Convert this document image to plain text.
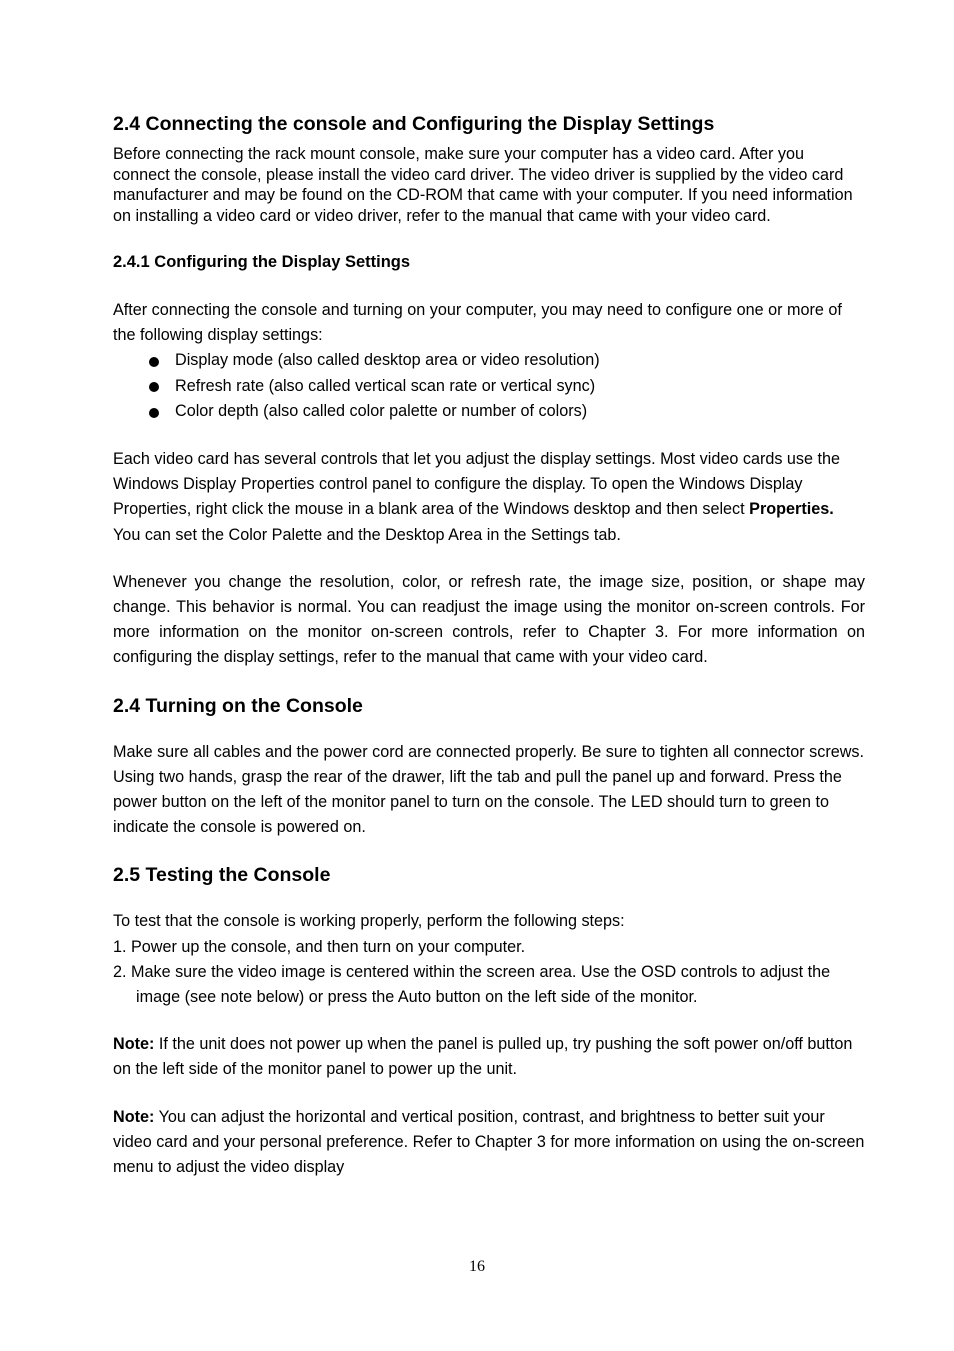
2.4 Connecting the console and Configuring the Display Settings

Before connecting the rack mount console, make sure your computer has a video card. After you connect the console, please install the video card driver. The video driver is supplied by the video card manufacturer and may be found on the CD-ROM that came with your computer. If you need information on installing a video card or video driver, refer to the manual that came with your video card.

2.4.1 Configuring the Display Settings

After connecting the console and turning on your computer, you may need to configure one or more of the following display settings:

Display mode (also called desktop area or video resolution)
Refresh rate (also called vertical scan rate or vertical sync)
Color depth (also called color palette or number of colors)

Each video card has several controls that let you adjust the display settings. Most video cards use the Windows Display Properties control panel to configure the display. To open the Windows Display Properties, right click the mouse in a blank area of the Windows desktop and then select Properties. You can set the Color Palette and the Desktop Area in the Settings tab.

Whenever you change the resolution, color, or refresh rate, the image size, position, or shape may change. This behavior is normal. You can readjust the image using the monitor on-screen controls. For more information on the monitor on-screen controls, refer to Chapter 3. For more information on configuring the display settings, refer to the manual that came with your video card.

2.4 Turning on the Console

Make sure all cables and the power cord are connected properly. Be sure to tighten all connector screws. Using two hands, grasp the rear of the drawer, lift the tab and pull the panel up and forward. Press the power button on the left of the monitor panel to turn on the console. The LED should turn to green to indicate the console is powered on.

2.5 Testing the Console

To test that the console is working properly, perform the following steps:

1. Power up the console, and then turn on your computer.
2. Make sure the video image is centered within the screen area. Use the OSD controls to adjust the image (see note below) or press the Auto button on the left side of the monitor.

Note: If the unit does not power up when the panel is pulled up, try pushing the soft power on/off button on the left side of the monitor panel to power up the unit.

Note: You can adjust the horizontal and vertical position, contrast, and brightness to better suit your video card and your personal preference. Refer to Chapter 3 for more information on using the on-screen menu to adjust the video display

16
